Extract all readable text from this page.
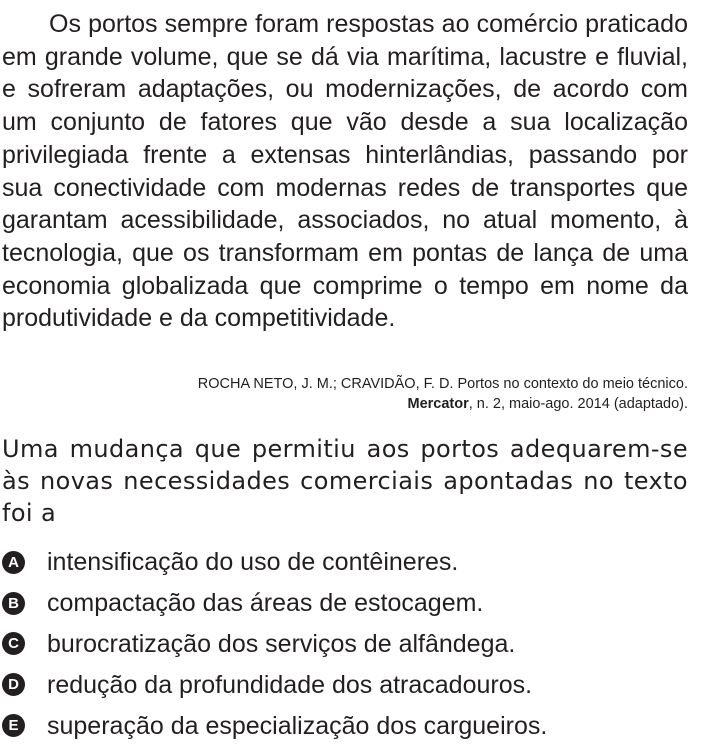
Os portos sempre foram respostas ao comércio praticado em grande volume, que se dá via marítima, lacustre e fluvial, e sofreram adaptações, ou modernizações, de acordo com um conjunto de fatores que vão desde a sua localização privilegiada frente a extensas hinterlândias, passando por sua conectividade com modernas redes de transportes que garantam acessibilidade, associados, no atual momento, à tecnologia, que os transformam em pontas de lança de uma economia globalizada que comprime o tempo em nome da produtividade e da competitividade.

ROCHA NETO, J. M.; CRAVIDÃO, F. D. Portos no contexto do meio técnico.
Mercator, n. 2, maio-ago. 2014 (adaptado).

Uma mudança que permitiu aos portos adequarem-se às novas necessidades comerciais apontadas no texto foi a

A intensificação do uso de contêineres.
B compactação das áreas de estocagem.
C burocratização dos serviços de alfândega.
D redução da profundidade dos atracadouros.
E superação da especialização dos cargueiros.
